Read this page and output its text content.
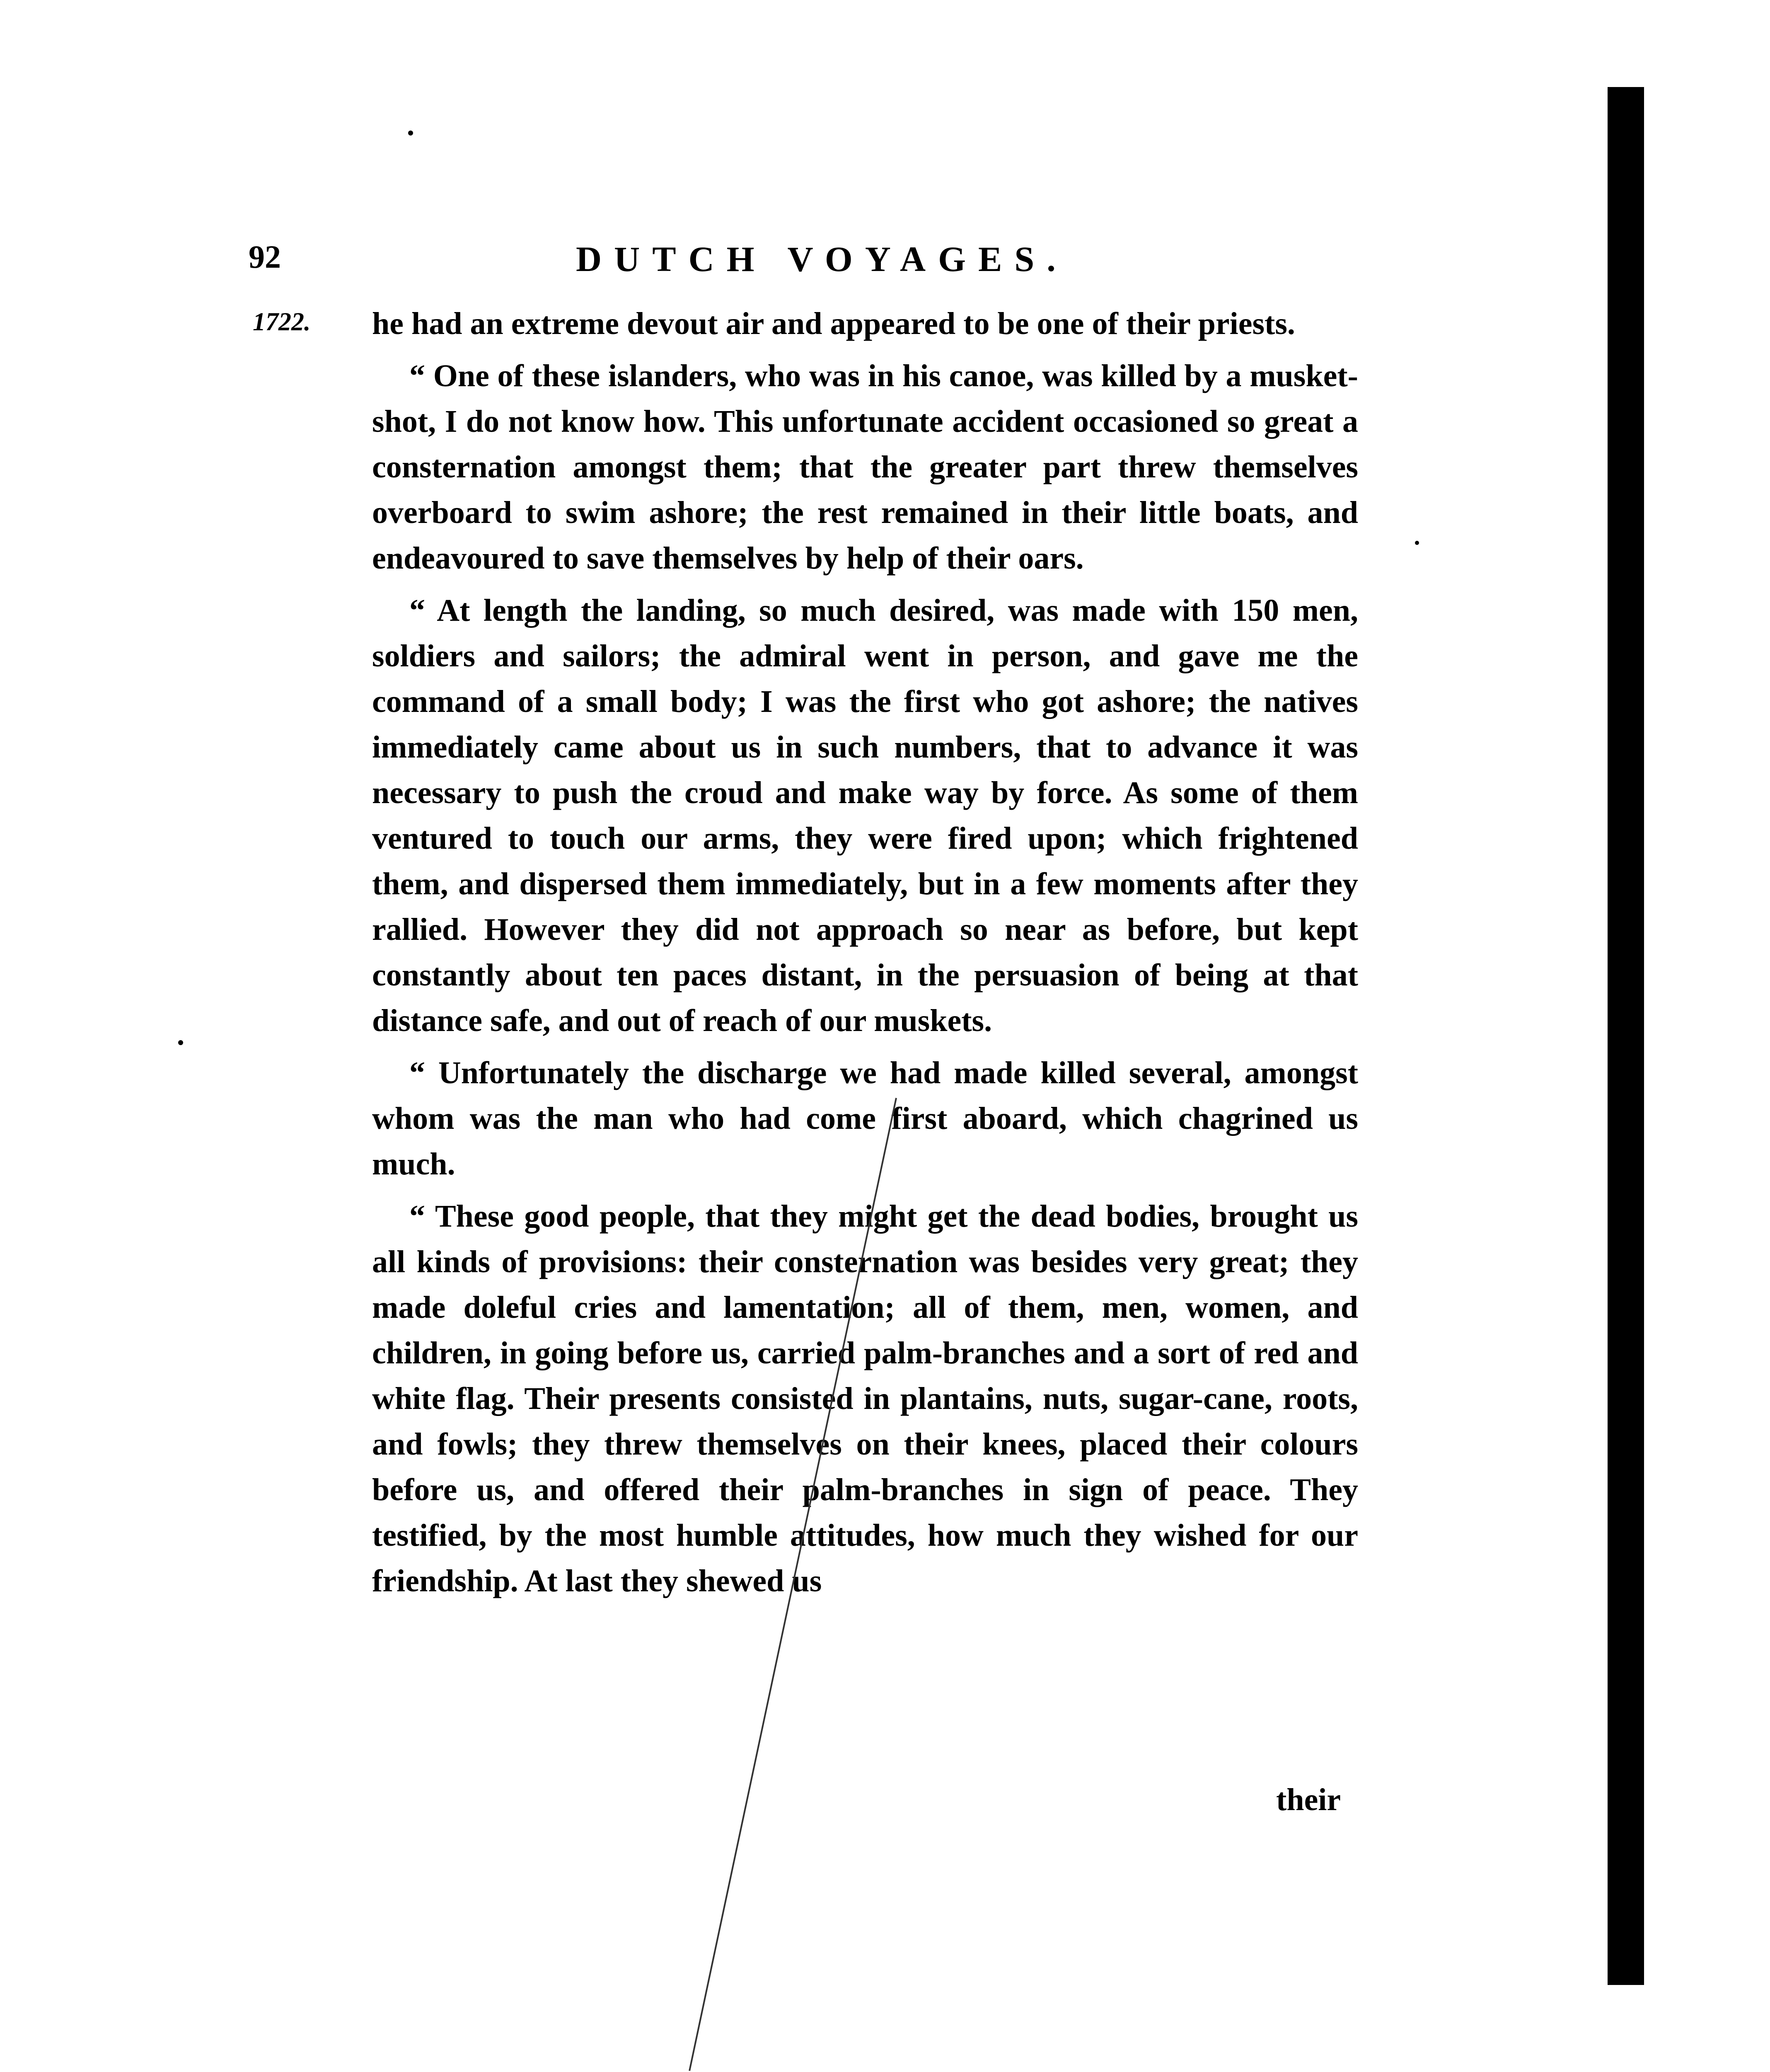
92	DUTCH VOYAGES.
1722. he had an extreme devout air and appeared to be one of their priests.

“ One of these islanders, who was in his canoe, was killed by a musket-shot, I do not know how. This unfortunate accident occasioned so great a consternation amongst them; that the greater part threw themselves overboard to swim ashore; the rest remained in their little boats, and endeavoured to save themselves by help of their oars.

“ At length the landing, so much desired, was made with 150 men, soldiers and sailors; the admiral went in person, and gave me the command of a small body; I was the first who got ashore; the natives immediately came about us in such numbers, that to advance it was necessary to push the croud and make way by force. As some of them ventured to touch our arms, they were fired upon; which frightened them, and dispersed them immediately, but in a few moments after they rallied. However they did not approach so near as before, but kept constantly about ten paces distant, in the persuasion of being at that distance safe, and out of reach of our muskets.

“ Unfortunately the discharge we had made killed several, amongst whom was the man who had come first aboard, which chagrined us much.

“ These good people, that they might get the dead bodies, brought us all kinds of provisions: their consternation was besides very great; they made doleful cries and lamentation; all of them, men, women, and children, in going before us, carried palm-branches and a sort of red and white flag. Their presents consisted in plantains, nuts, sugar-cane, roots, and fowls; they threw themselves on their knees, placed their colours before us, and offered their palm-branches in sign of peace. They testified, by the most humble attitudes, how much they wished for our friendship. At last they shewed us

their
